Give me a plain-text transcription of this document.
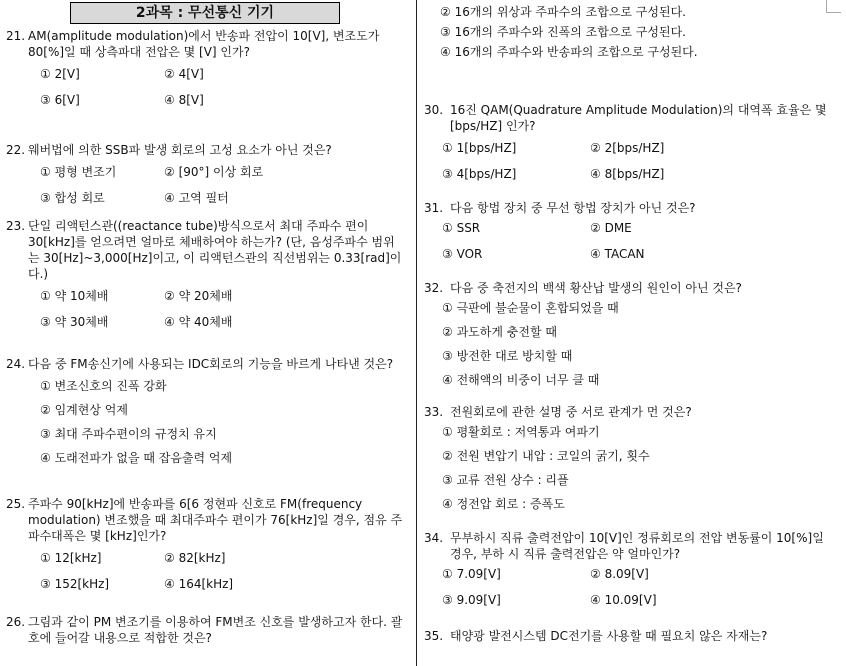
2과목 : 무선통신 기기
21. AM(amplitude modulation)에서 반송파 전압이 10[V], 변조도가 80[%]일 때 상측파대 전압은 몇 [V] 인가?
① 2[V]	② 4[V]
③ 6[V]	④ 8[V]
22. 웨버법에 의한 SSB파 발생 회로의 고성 요소가 아닌 것은?
① 평형 변조기	② [90°] 이상 회로
③ 합성 회로	④ 고역 필터
23. 단일 리액턴스관((reactance tube)방식으로서 최대 주파수 편이 30[kHz]를 얻으려면 얼마로 체배하여야 하는가? (단, 음성주파수 범위는 30[Hz]~3,000[Hz]이고, 이 리액턴스관의 직선범위는 0.33[rad]이다.)
① 약 10체배	② 약 20체배
③ 약 30체배	④ 약 40체배
24. 다음 중 FM송신기에 사용되는 IDC회로의 기능을 바르게 나타낸 것은?
① 변조신호의 진폭 강화
② 임계현상 억제
③ 최대 주파수편이의 규정치 유지
④ 도래전파가 없을 때 잡음출력 억제
25. 주파수 90[kHz]에 반송파를 6[6 정현파 신호로 FM(frequency modulation) 변조했을 때 최대주파수 편이가 76[kHz]일 경우, 점유 주파수대폭은 몇 [kHz]인가?
① 12[kHz]	② 82[kHz]
③ 152[kHz]	④ 164[kHz]
26. 그림과 같이 PM 변조기를 이용하여 FM변조 신호를 발생하고자 한다. 괄호에 들어갈 내용으로 적합한 것은?
② 16개의 위상과 주파수의 조합으로 구성된다.
③ 16개의 주파수와 진폭의 조합으로 구성된다.
④ 16개의 주파수와 반송파의 조합으로 구성된다.
30. 16진 QAM(Quadrature Amplitude Modulation)의 대역폭 효율은 몇[bps/HZ] 인가?
① 1[bps/HZ]	② 2[bps/HZ]
③ 4[bps/HZ]	④ 8[bps/HZ]
31. 다음 항법 장치 중 무선 항법 장치가 아닌 것은?
① SSR	② DME
③ VOR	④ TACAN
32. 다음 중 축전지의 백색 황산납 발생의 원인이 아닌 것은?
① 극판에 불순물이 혼합되었을 때
② 과도하게 충전할 때
③ 방전한 대로 방치할 때
④ 전해액의 비중이 너무 클 때
33. 전원회로에 관한 설명 중 서로 관계가 먼 것은?
① 평활회로 : 저역통과 여파기
② 전원 변압기 내압 : 코일의 굵기, 횟수
③ 교류 전원 상수 : 리플
④ 정전압 회로 : 증폭도
34. 무부하시 직류 출력전압이 10[V]인 정류회로의 전압 변동률이 10[%]일 경우, 부하 시 직류 출력전압은 약 얼마인가?
① 7.09[V]	② 8.09[V]
③ 9.09[V]	④ 10.09[V]
35. 태양광 발전시스템 DC전기를 사용할 때 필요치 않은 자재는?
